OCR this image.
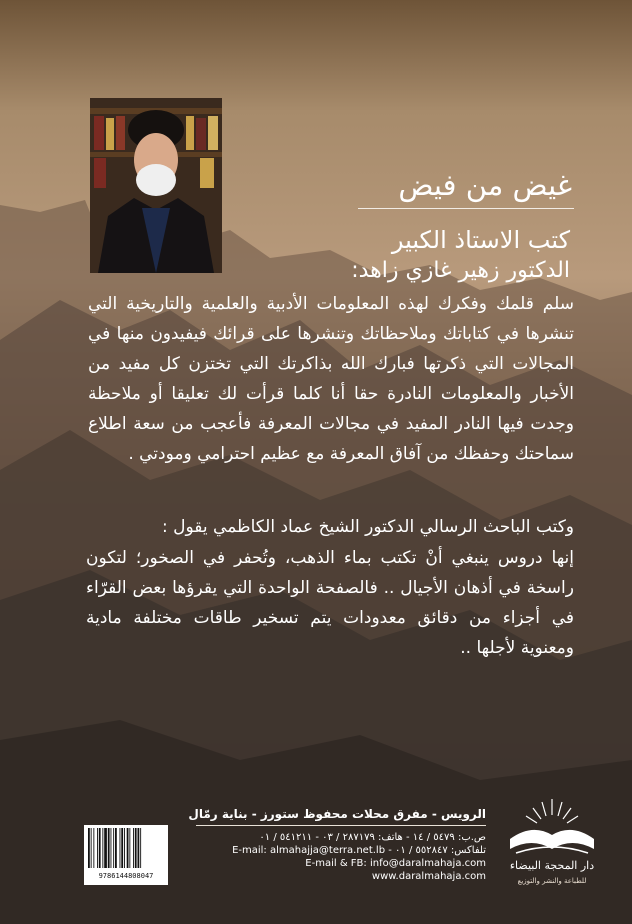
غيض من فيض
كتب الاستاذ الكبير
الدكتور زهير غازي زاهد:
سلم قلمك وفكرك لهذه المعلومات الأدبية والعلمية والتاريخية التي تنشرها في كتاباتك وملاحظاتك وتنشرها على قرائك فيفيدون منها في المجالات التي ذكرتها فبارك الله بذاكرتك التي تختزن كل مفيد من الأخبار والمعلومات النادرة حقا أنا كلما قرأت لك تعليقا أو ملاحظة وجدت فيها النادر المفيد في مجالات المعرفة فأعجب من سعة اطلاع سماحتك وحفظك من آفاق المعرفة مع عظيم احترامي ومودتي .
وكتب الباحث الرسالي الدكتور الشيخ عماد الكاظمي يقول :
إنها دروس ينبغي أنْ تكتب بماء الذهب، وتُحفر في الصخور؛ لتكون راسخة في أذهان الأجيال .. فالصفحة الواحدة التي يقرؤها بعض القرّاء في أجزاء من دقائق معدودات يتم تسخير طاقات مختلفة مادية ومعنوية لأجلها ..
دار المحجة البيضاء
للطباعة والنشر والتوزيع
الرويس - مفرق محلات محفوظ ستورز - بناية رمّال
ص.ب: ٥٤٧٩ / ١٤ - هاتف: ٢٨٧١٧٩ / ٠٣ - ٥٤١٢١١ / ٠١
تلفاكس: ٥٥٢٨٤٧ / ٠١ - E-mail: almahajja@terra.net.lb
E-mail & FB: info@daralmahaja.com
www.daralmahaja.com
9786144808047
